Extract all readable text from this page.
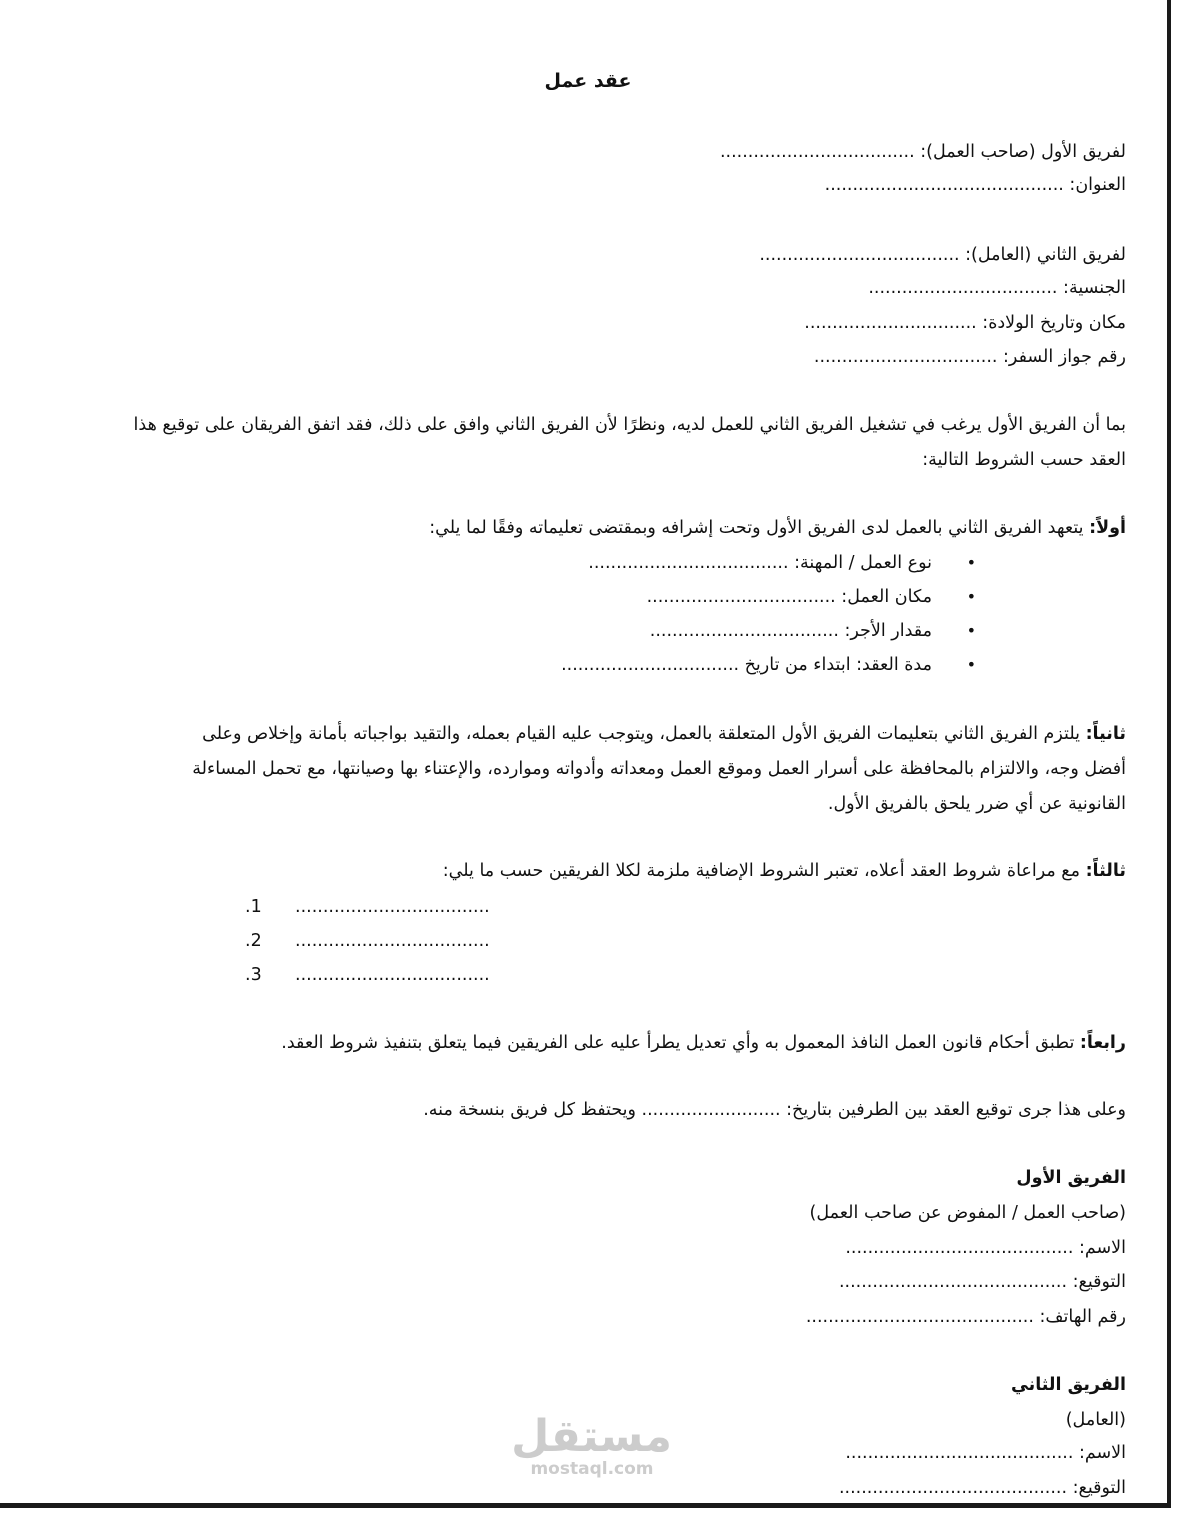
عقد عمل
لفريق الأول (صاحب العمل): ...................................
العنوان: ...........................................
لفريق الثاني (العامل): ....................................
الجنسية: ..................................
مكان وتاريخ الولادة: ...............................
رقم جواز السفر: .................................
بما أن الفريق الأول يرغب في تشغيل الفريق الثاني للعمل لديه، ونظرًا لأن الفريق الثاني وافق على ذلك، فقد اتفق الفريقان على توقيع هذا
العقد حسب الشروط التالية:
أولاً: يتعهد الفريق الثاني بالعمل لدى الفريق الأول وتحت إشرافه وبمقتضى تعليماته وفقًا لما يلي:
•
نوع العمل / المهنة: ....................................
•
مكان العمل: ..................................
•
مقدار الأجر: ..................................
•
مدة العقد: ابتداء من تاريخ ................................
ثانياً: يلتزم الفريق الثاني بتعليمات الفريق الأول المتعلقة بالعمل، ويتوجب عليه القيام بعمله، والتقيد بواجباته بأمانة وإخلاص وعلى
أفضل وجه، والالتزام بالمحافظة على أسرار العمل وموقع العمل ومعداته وأدواته وموارده، والإعتناء بها وصيانتها، مع تحمل المساءلة
القانونية عن أي ضرر يلحق بالفريق الأول.
ثالثاً: مع مراعاة شروط العقد أعلاه، تعتبر الشروط الإضافية ملزمة لكلا الفريقين حسب ما يلي:
1. ...................................
2. ...................................
3. ...................................
رابعاً: تطبق أحكام قانون العمل النافذ المعمول به وأي تعديل يطرأ عليه على الفريقين فيما يتعلق بتنفيذ شروط العقد.
وعلى هذا جرى توقيع العقد بين الطرفين بتاريخ: ......................... ويحتفظ كل فريق بنسخة منه.
الفريق الأول
(صاحب العمل / المفوض عن صاحب العمل)
الاسم: .........................................
التوقيع: .........................................
رقم الهاتف: .........................................
الفريق الثاني
(العامل)
الاسم: .........................................
التوقيع: .........................................
مستقل
mostaql.com
